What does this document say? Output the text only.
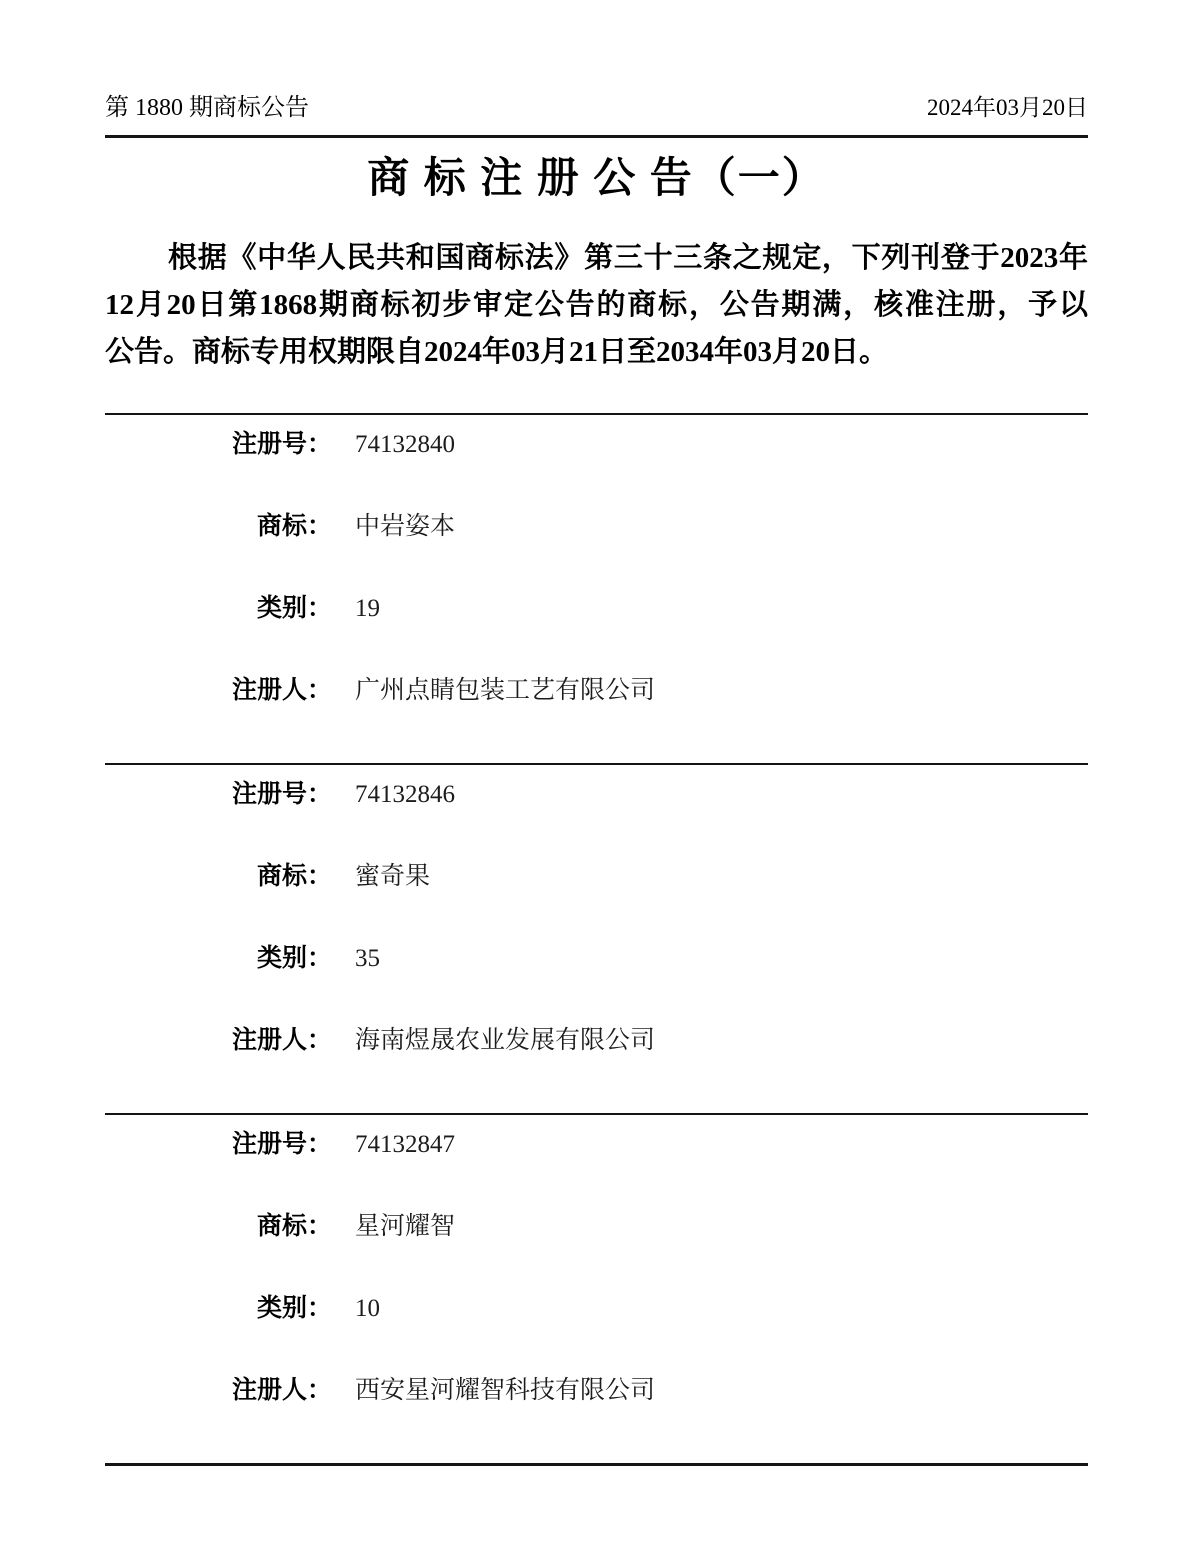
第 1880 期商标公告	2024年03月20日
商 标 注 册 公 告（一）

根据《中华人民共和国商标法》第三十三条之规定，下列刊登于2023年

12月20日第1868期商标初步审定公告的商标，公告期满，核准注册，予以

公告。商标专用权期限自2024年03月21日至2034年03月20日。

注册号： 74132840
商标： 中岩姿本
类别： 19
注册人： 广州点睛包装工艺有限公司
注册号： 74132846
商标： 蜜奇果
类别： 35
注册人： 海南煜晟农业发展有限公司
注册号： 74132847
商标： 星河耀智
类别： 10
注册人： 西安星河耀智科技有限公司
